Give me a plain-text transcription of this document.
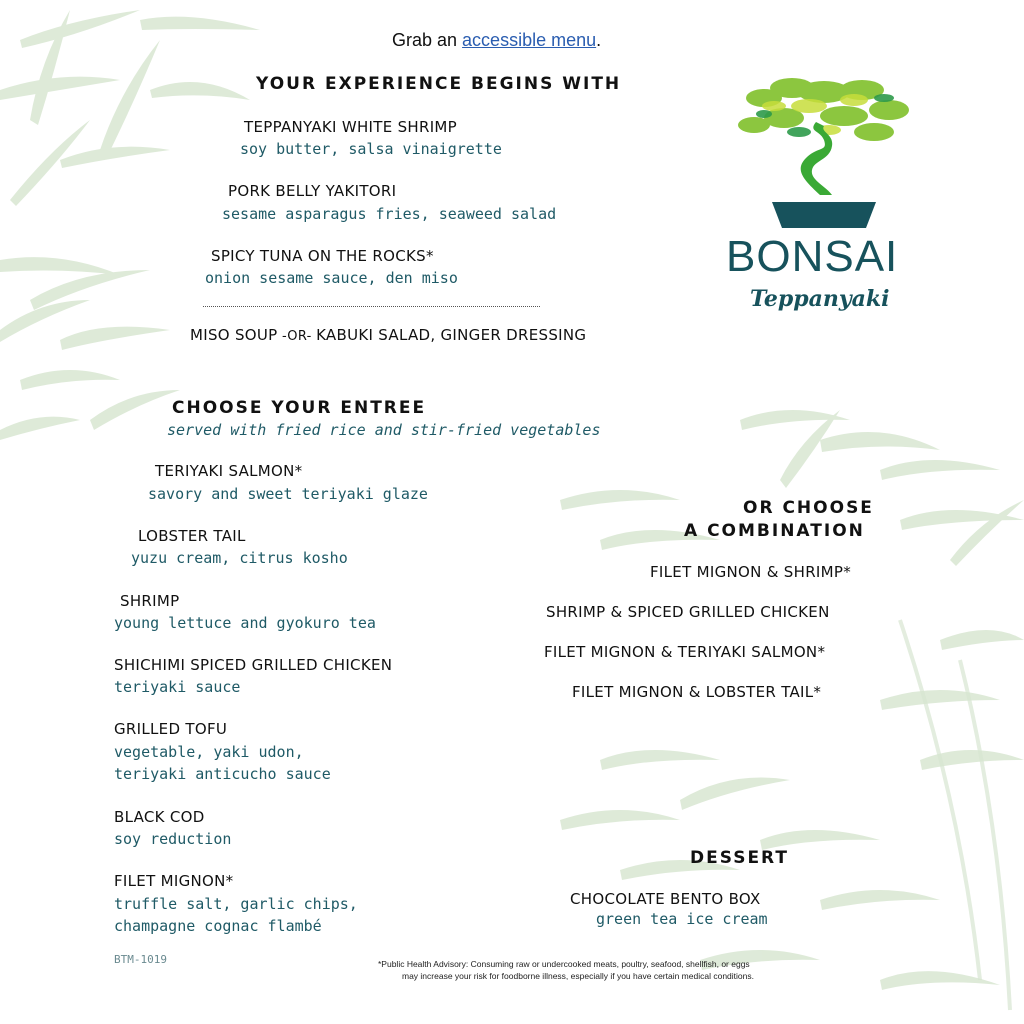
Grab an accessible menu.
YOUR EXPERIENCE BEGINS WITH
TEPPANYAKI WHITE SHRIMP
soy butter, salsa vinaigrette
PORK BELLY YAKITORI
sesame asparagus fries, seaweed salad
SPICY TUNA ON THE ROCKS*
onion sesame sauce, den miso
MISO SOUP -OR- KABUKI SALAD, GINGER DRESSING
CHOOSE YOUR ENTREE
served with fried rice and stir-fried vegetables
TERIYAKI SALMON*
savory and sweet teriyaki glaze
LOBSTER TAIL
yuzu cream, citrus kosho
SHRIMP
young lettuce and gyokuro tea
SHICHIMI SPICED GRILLED CHICKEN
teriyaki sauce
GRILLED TOFU
vegetable, yaki udon,
teriyaki anticucho sauce
BLACK COD
soy reduction
FILET MIGNON*
truffle salt, garlic chips,
champagne cognac flambé
OR CHOOSE
A COMBINATION
FILET MIGNON & SHRIMP*
SHRIMP & SPICED GRILLED CHICKEN
FILET MIGNON & TERIYAKI SALMON*
FILET MIGNON & LOBSTER TAIL*
DESSERT
CHOCOLATE BENTO BOX
green tea ice cream
BTM-1019	*Public Health Advisory: Consuming raw or undercooked meats, poultry, seafood, shellfish, or eggs
may increase your risk for foodborne illness, especially if you have certain medical conditions.
BONSAI
Teppanyaki
